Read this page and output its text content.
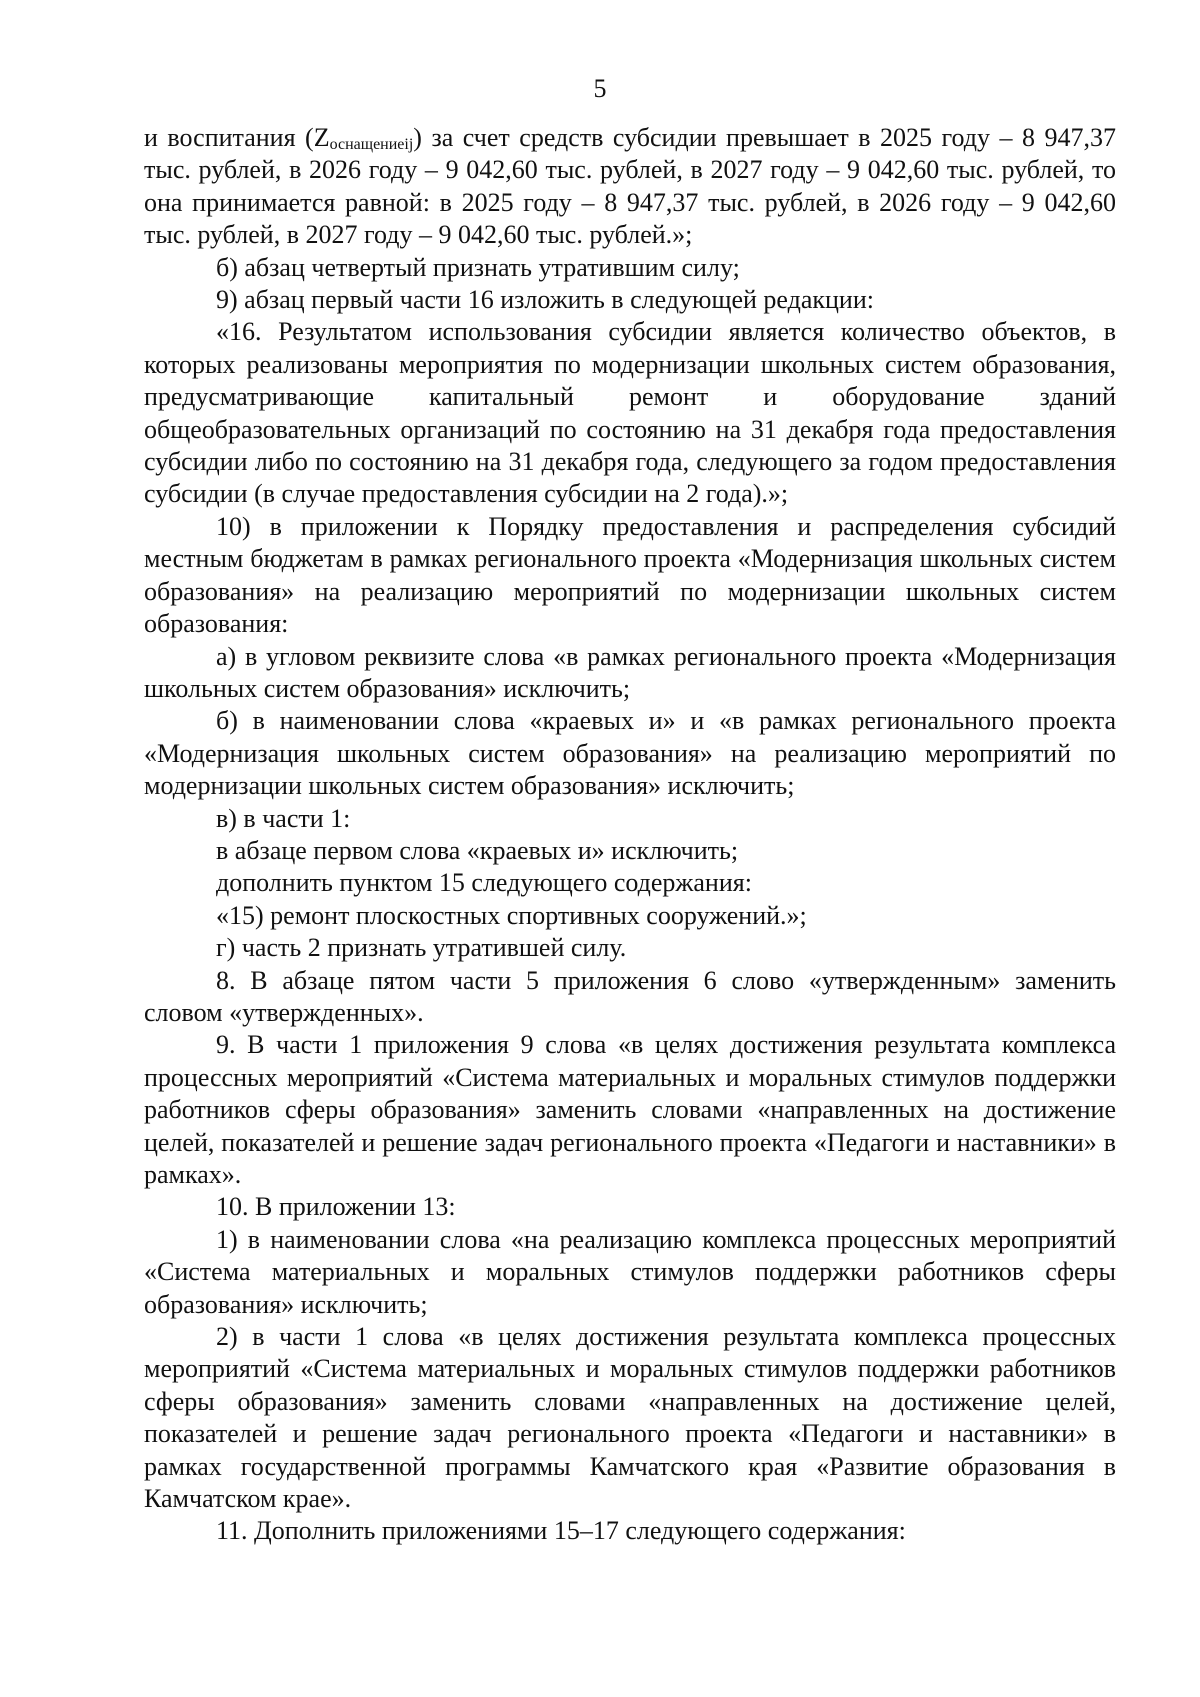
5

и воспитания (Zоснащениеij) за счет средств субсидии превышает в 2025 году – 8 947,37 тыс. рублей, в 2026 году – 9 042,60 тыс. рублей, в 2027 году – 9 042,60 тыс. рублей, то она принимается равной: в 2025 году – 8 947,37 тыс. рублей, в 2026 году – 9 042,60 тыс. рублей, в 2027 году – 9 042,60 тыс. рублей.»;

б) абзац четвертый признать утратившим силу;

9) абзац первый части 16 изложить в следующей редакции:

«16. Результатом использования субсидии является количество объектов, в которых реализованы мероприятия по модернизации школьных систем образования, предусматривающие капитальный ремонт и оборудование зданий общеобразовательных организаций по состоянию на 31 декабря года предоставления субсидии либо по состоянию на 31 декабря года, следующего за годом предоставления субсидии (в случае предоставления субсидии на 2 года).»;

10) в приложении к Порядку предоставления и распределения субсидий местным бюджетам в рамках регионального проекта «Модернизация школьных систем образования» на реализацию мероприятий по модернизации школьных систем образования:

а) в угловом реквизите слова «в рамках регионального проекта «Модернизация школьных систем образования» исключить;

б) в наименовании слова «краевых и» и «в рамках регионального проекта «Модернизация школьных систем образования» на реализацию мероприятий по модернизации школьных систем образования» исключить;

в) в части 1:

в абзаце первом слова «краевых и» исключить;

дополнить пунктом 15 следующего содержания:

«15) ремонт плоскостных спортивных сооружений.»;

г) часть 2 признать утратившей силу.

8. В абзаце пятом части 5 приложения 6 слово «утвержденным» заменить словом «утвержденных».

9. В части 1 приложения 9 слова «в целях достижения результата комплекса процессных мероприятий «Система материальных и моральных стимулов поддержки работников сферы образования» заменить словами «направленных на достижение целей, показателей и решение задач регионального проекта «Педагоги и наставники» в рамках».

10. В приложении 13:

1) в наименовании слова «на реализацию комплекса процессных мероприятий «Система материальных и моральных стимулов поддержки работников сферы образования» исключить;

2) в части 1 слова «в целях достижения результата комплекса процессных мероприятий «Система материальных и моральных стимулов поддержки работников сферы образования» заменить словами «направленных на достижение целей, показателей и решение задач регионального проекта «Педагоги и наставники» в рамках государственной программы Камчатского края «Развитие образования в Камчатском крае».

11. Дополнить приложениями 15–17 следующего содержания:
